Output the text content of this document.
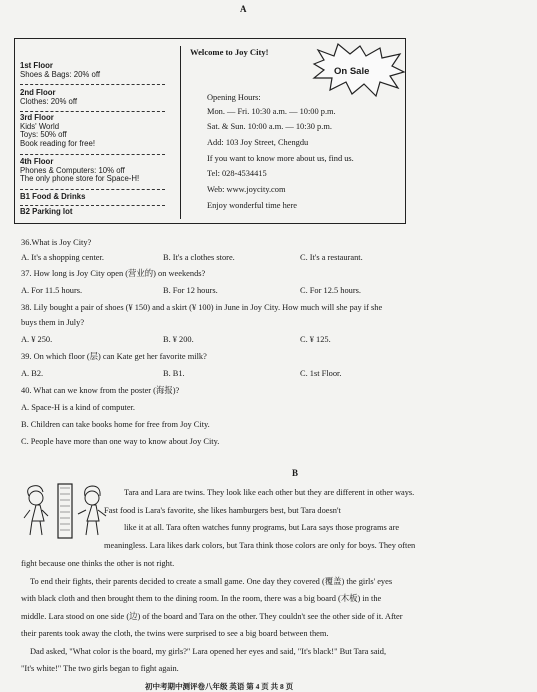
A
1st Floor
Shoes & Bags: 20% off
2nd Floor
Clothes: 20% off
3rd Floor
Kids' World
Toys: 50% off
Book reading for free!
4th Floor
Phones & Computers: 10% off
The only phone store for Space-H!
B1 Food & Drinks
B2 Parking lot
Welcome to Joy City!
On Sale
Opening Hours:
Mon. — Fri. 10:30 a.m. — 10:00 p.m.
Sat. & Sun. 10:00 a.m. — 10:30 p.m.
Add: 103 Joy Street, Chengdu
If you want to know more about us, find us.
Tel: 028-4534415
Web: www.joycity.com
Enjoy wonderful time here
36.What is Joy City?
A. It's a shopping center.	B. It's a clothes store.	C. It's a restaurant.
37. How long is Joy City open (营业的) on weekends?
A. For 11.5 hours.	B. For 12 hours.	C. For 12.5 hours.
38. Lily bought a pair of shoes (¥ 150) and a skirt (¥ 100) in June in Joy City. How much will she pay if she
buys them in July?
A. ¥ 250.	B. ¥ 200.	C. ¥ 125.
39. On which floor (层) can Kate get her favorite milk?
A. B2.	B. B1.	C. 1st Floor.
40. What can we know from the poster (海报)?
A. Space-H is a kind of computer.
B. Children can take books home for free from Joy City.
C. People have more than one way to know about Joy City.
B
Tara and Lara are twins. They look like each other but they are different in other ways.
Fast food is Lara's favorite, she likes hamburgers best, but Tara doesn't
like it at all. Tara often watches funny programs, but Lara says those programs are
meaningless. Lara likes dark colors, but Tara think those colors are only for boys. They often
fight because one thinks the other is not right.
To end their fights, their parents decided to create a small game. One day they covered (覆盖) the girls' eyes
with black cloth and then brought them to the dining room. In the room, there was a big board (木板) in the
middle. Lara stood on one side (边) of the board and Tara on the other. They couldn't see the other side of it. After
their parents took away the cloth, the twins were surprised to see a big board between them.
Dad asked, "What color is the board, my girls?" Lara opened her eyes and said, "It's black!" But Tara said,
"It's white!" The two girls began to fight again.
初中考期中测评卷八年级 英语 第 4 页 共 8 页
